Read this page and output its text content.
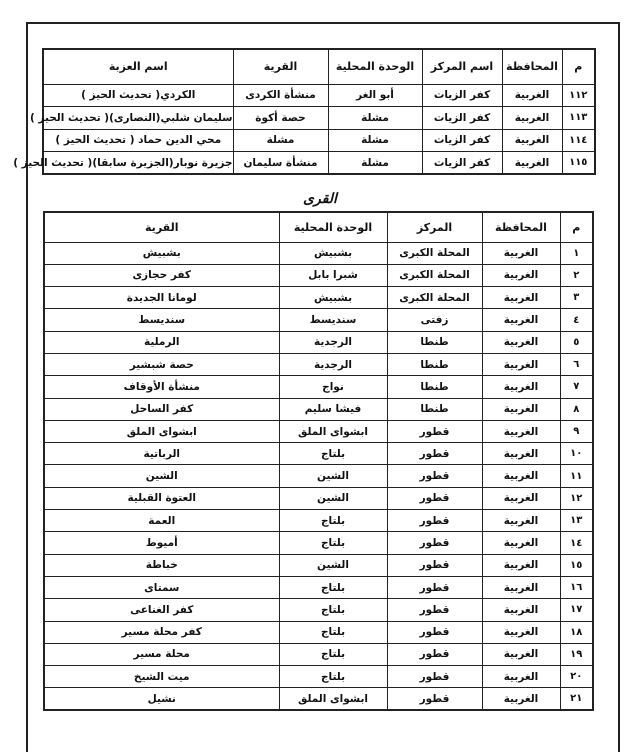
م	المحافظة	اسم المركز	الوحدة المحلية	القرية	اسم العزبة
١١٢	الغربية	كفر الزيات	أبو الغر	منشأة الكردى	الكردي( تحديث الحيز )
١١٣	الغربية	كفر الزيات	مشلة	حصة أكوة	سليمان شلبي(النصارى)( تحديث الحيز )
١١٤	الغربية	كفر الزيات	مشلة	مشلة	محي الدين حماد ( تحديث الحيز )
١١٥	الغربية	كفر الزيات	مشلة	منشأة سليمان	جزيرة نوبار(الجزيرة سابقا)( تحديث الحيز )
القرى
م	المحافظة	المركز	الوحدة المحلية	القرية
١	الغربية	المحلة الكبرى	بشبيش	بشبيش
٢	الغربية	المحلة الكبرى	شبرا بابل	كفر حجازى
٣	الغربية	المحلة الكبرى	بشبيش	لومانا الجديدة
٤	الغربية	زفتى	سنديسط	سنديسط
٥	الغربية	طنطا	الرجدية	الرملية
٦	الغربية	طنطا	الرجدية	حصة شبشير
٧	الغربية	طنطا	نواج	منشأة الأوقاف
٨	الغربية	طنطا	فيشا سليم	كفر الساحل
٩	الغربية	قطور	ابشواى الملق	ابشواى الملق
١٠	الغربية	قطور	بلتاج	الرباتية
١١	الغربية	قطور	الشين	الشين
١٢	الغربية	قطور	الشين	العتوة القبلية
١٣	الغربية	قطور	بلتاج	العمة
١٤	الغربية	قطور	بلتاج	أميوط
١٥	الغربية	قطور	الشين	خباطة
١٦	الغربية	قطور	بلتاج	سمتاى
١٧	الغربية	قطور	بلتاج	كفر الغناعى
١٨	الغربية	قطور	بلتاج	كفر محلة مسير
١٩	الغربية	قطور	بلتاج	محلة مسير
٢٠	الغربية	قطور	بلتاج	ميت الشيخ
٢١	الغربية	قطور	ابشواى الملق	نشيل
